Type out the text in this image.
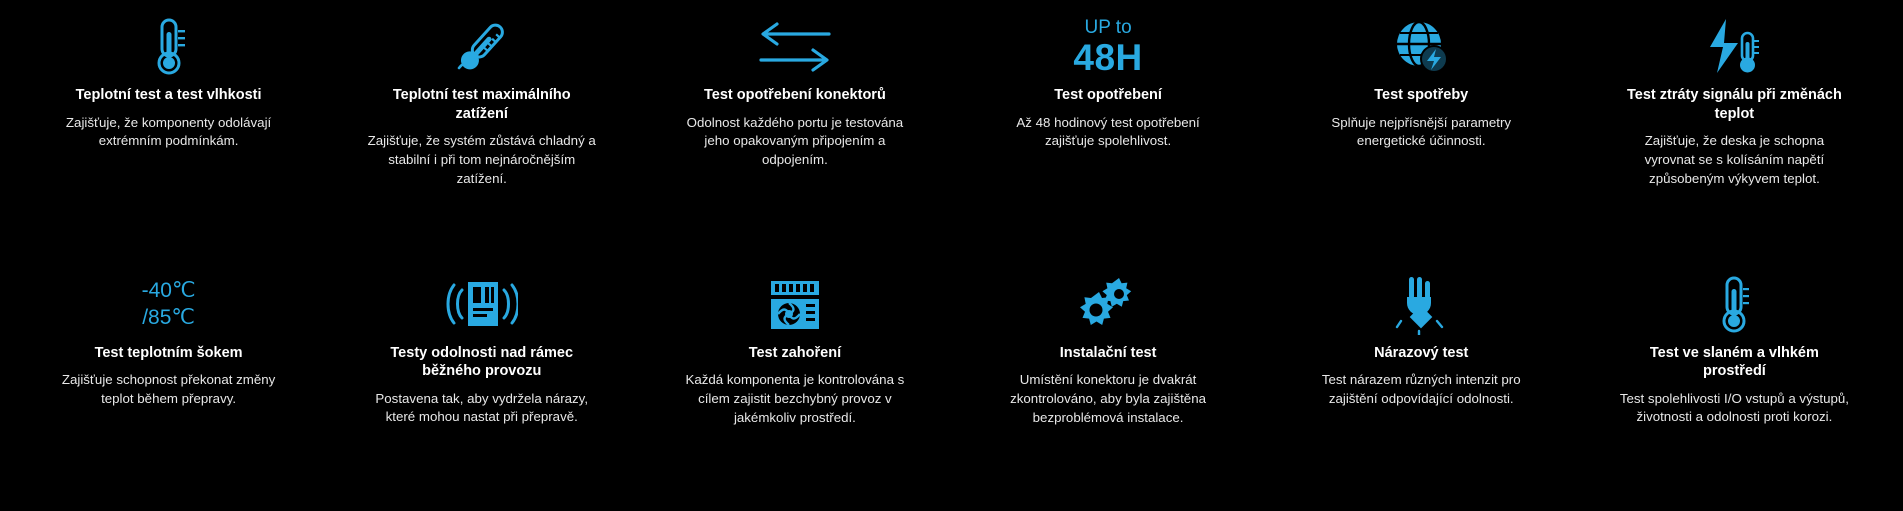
Teplotní test a test vlhkosti

Zajišťuje, že komponenty odolávají extrémním podmínkám.

Teplotní test maximálního zatížení

Zajišťuje, že systém zůstává chladný a stabilní i při tom nejnáročnějším zatížení.

Test opotřebení konektorů

Odolnost každého portu je testována jeho opakovaným připojením a odpojením.

UP to
48H

Test opotřebení

Až 48 hodinový test opotřebení zajišťuje spolehlivost.

Test spotřeby

Splňuje nejpřísnější parametry energetické účinnosti.

Test ztráty signálu při změnách teplot

Zajišťuje, že deska je schopna vyrovnat se s kolísáním napětí způsobeným výkyvem teplot.

-40℃
/85℃

Test teplotním šokem

Zajišťuje schopnost překonat změny teplot během přepravy.

Testy odolnosti nad rámec běžného provozu

Postavena tak, aby vydržela nárazy, které mohou nastat při přepravě.

Test zahoření

Každá komponenta je kontrolována s cílem zajistit bezchybný provoz v jakémkoliv prostředí.

Instalační test

Umístění konektoru je dvakrát zkontrolováno, aby byla zajištěna bezproblémová instalace.

Nárazový test

Test nárazem různých intenzit pro zajištění odpovídající odolnosti.

Test ve slaném a vlhkém prostředí

Test spolehlivosti I/O vstupů a výstupů, životnosti a odolnosti proti korozi.
